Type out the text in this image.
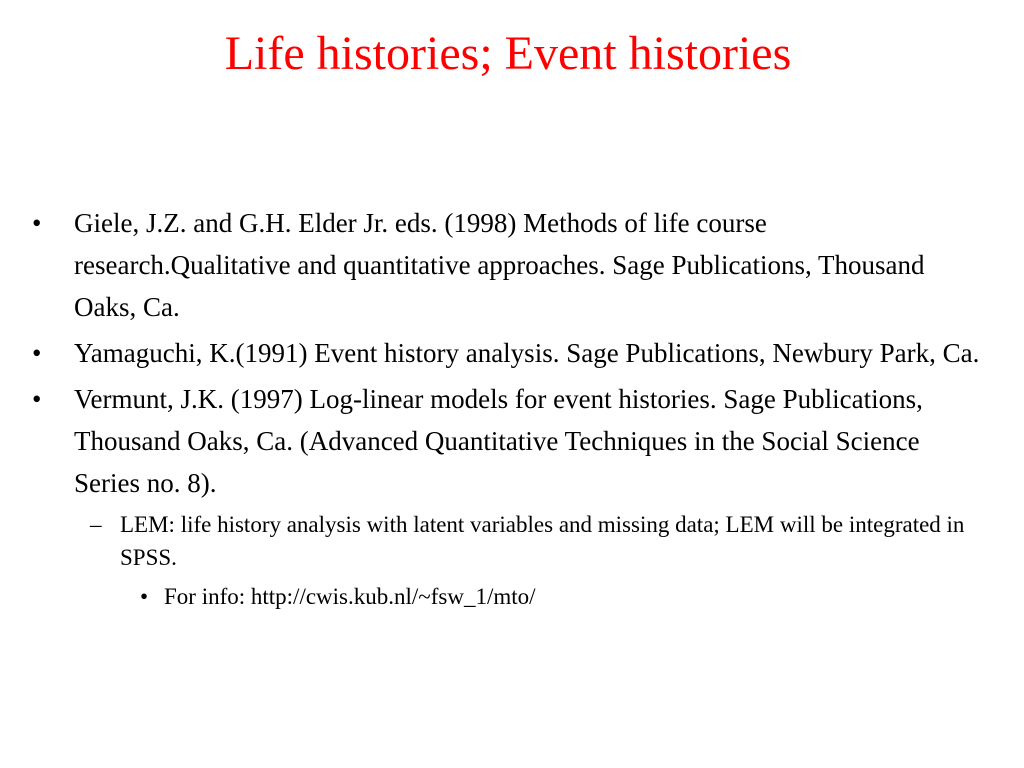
Life histories; Event histories
• Giele, J.Z. and G.H. Elder Jr. eds. (1998) Methods of life course research.Qualitative and quantitative approaches. Sage Publications, Thousand Oaks, Ca.
• Yamaguchi, K.(1991) Event history analysis. Sage Publications, Newbury Park, Ca.
• Vermunt, J.K. (1997) Log-linear models for event histories. Sage Publications, Thousand Oaks, Ca. (Advanced Quantitative Techniques in the Social Science Series no. 8).
– LEM: life history analysis with latent variables and missing data; LEM will be integrated in SPSS.
• For info: http://cwis.kub.nl/~fsw_1/mto/
